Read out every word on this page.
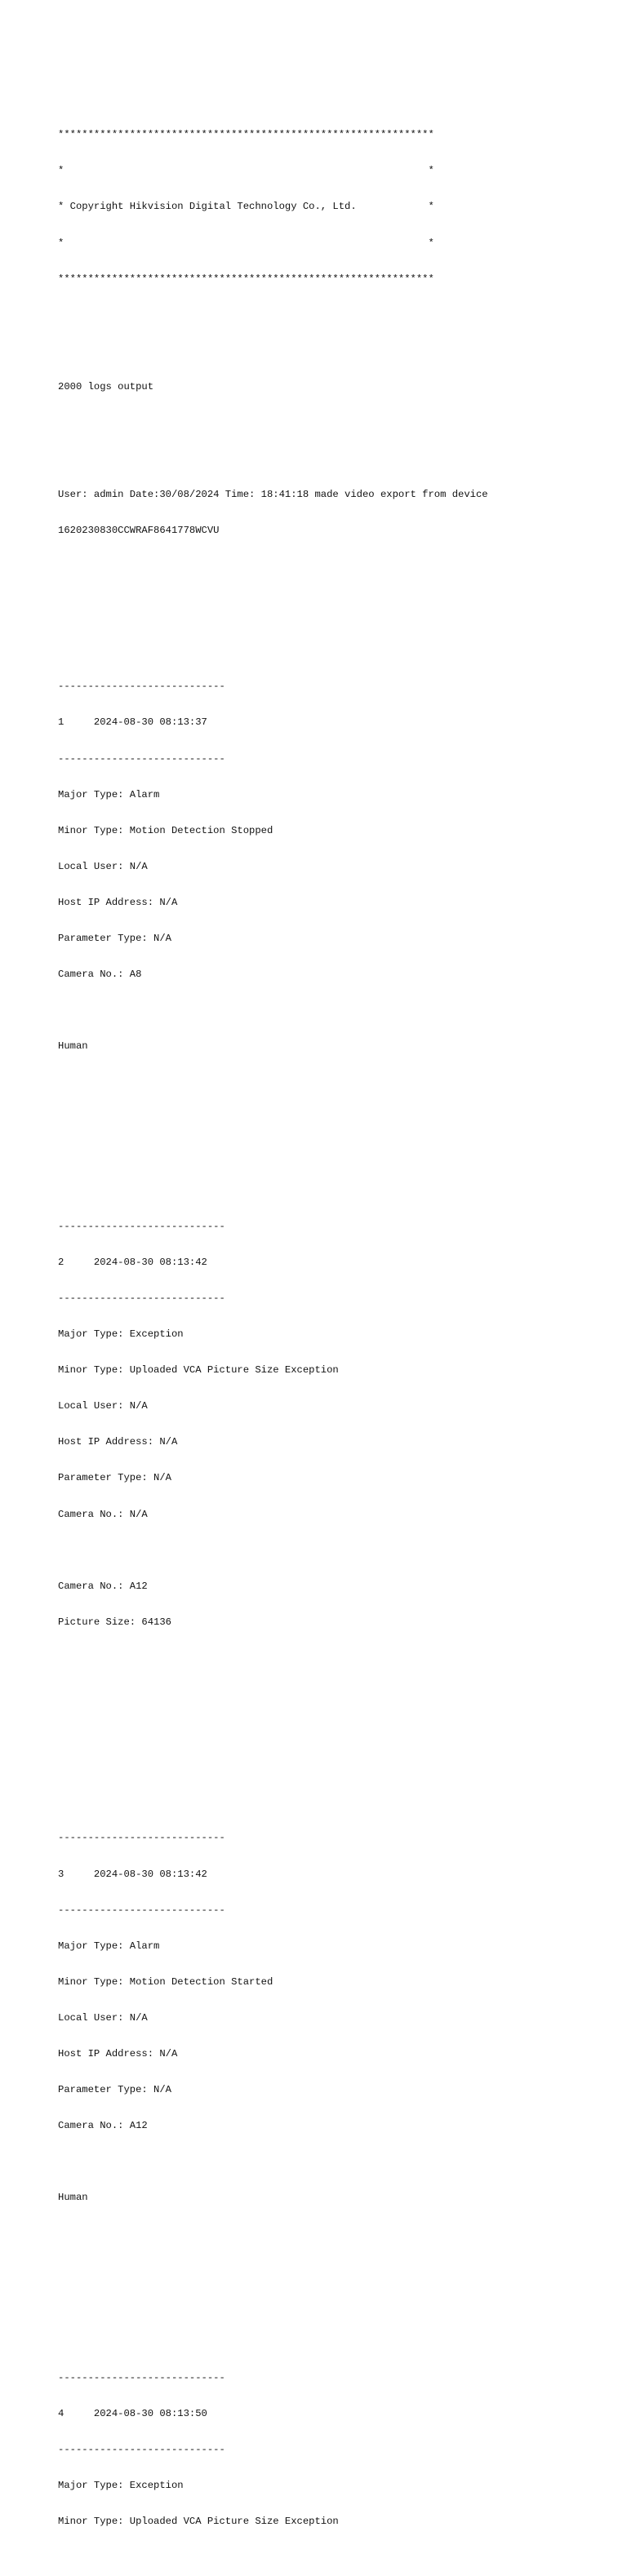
***************************************************************

*                                                             *

* Copyright Hikvision Digital Technology Co., Ltd.            *

*                                                             *

***************************************************************

2000 logs output

User: admin Date:30/08/2024 Time: 18:41:18 made video export from device

1620230830CCWRAF8641778WCVU

----------------------------

1     2024-08-30 08:13:37

----------------------------

Major Type: Alarm

Minor Type: Motion Detection Stopped

Local User: N/A

Host IP Address: N/A

Parameter Type: N/A

Camera No.: A8

Human

----------------------------

2     2024-08-30 08:13:42

----------------------------

Major Type: Exception

Minor Type: Uploaded VCA Picture Size Exception

Local User: N/A

Host IP Address: N/A

Parameter Type: N/A

Camera No.: N/A

Camera No.: A12

Picture Size: 64136

----------------------------

3     2024-08-30 08:13:42

----------------------------

Major Type: Alarm

Minor Type: Motion Detection Started

Local User: N/A

Host IP Address: N/A

Parameter Type: N/A

Camera No.: A12

Human

----------------------------

4     2024-08-30 08:13:50

----------------------------

Major Type: Exception

Minor Type: Uploaded VCA Picture Size Exception
